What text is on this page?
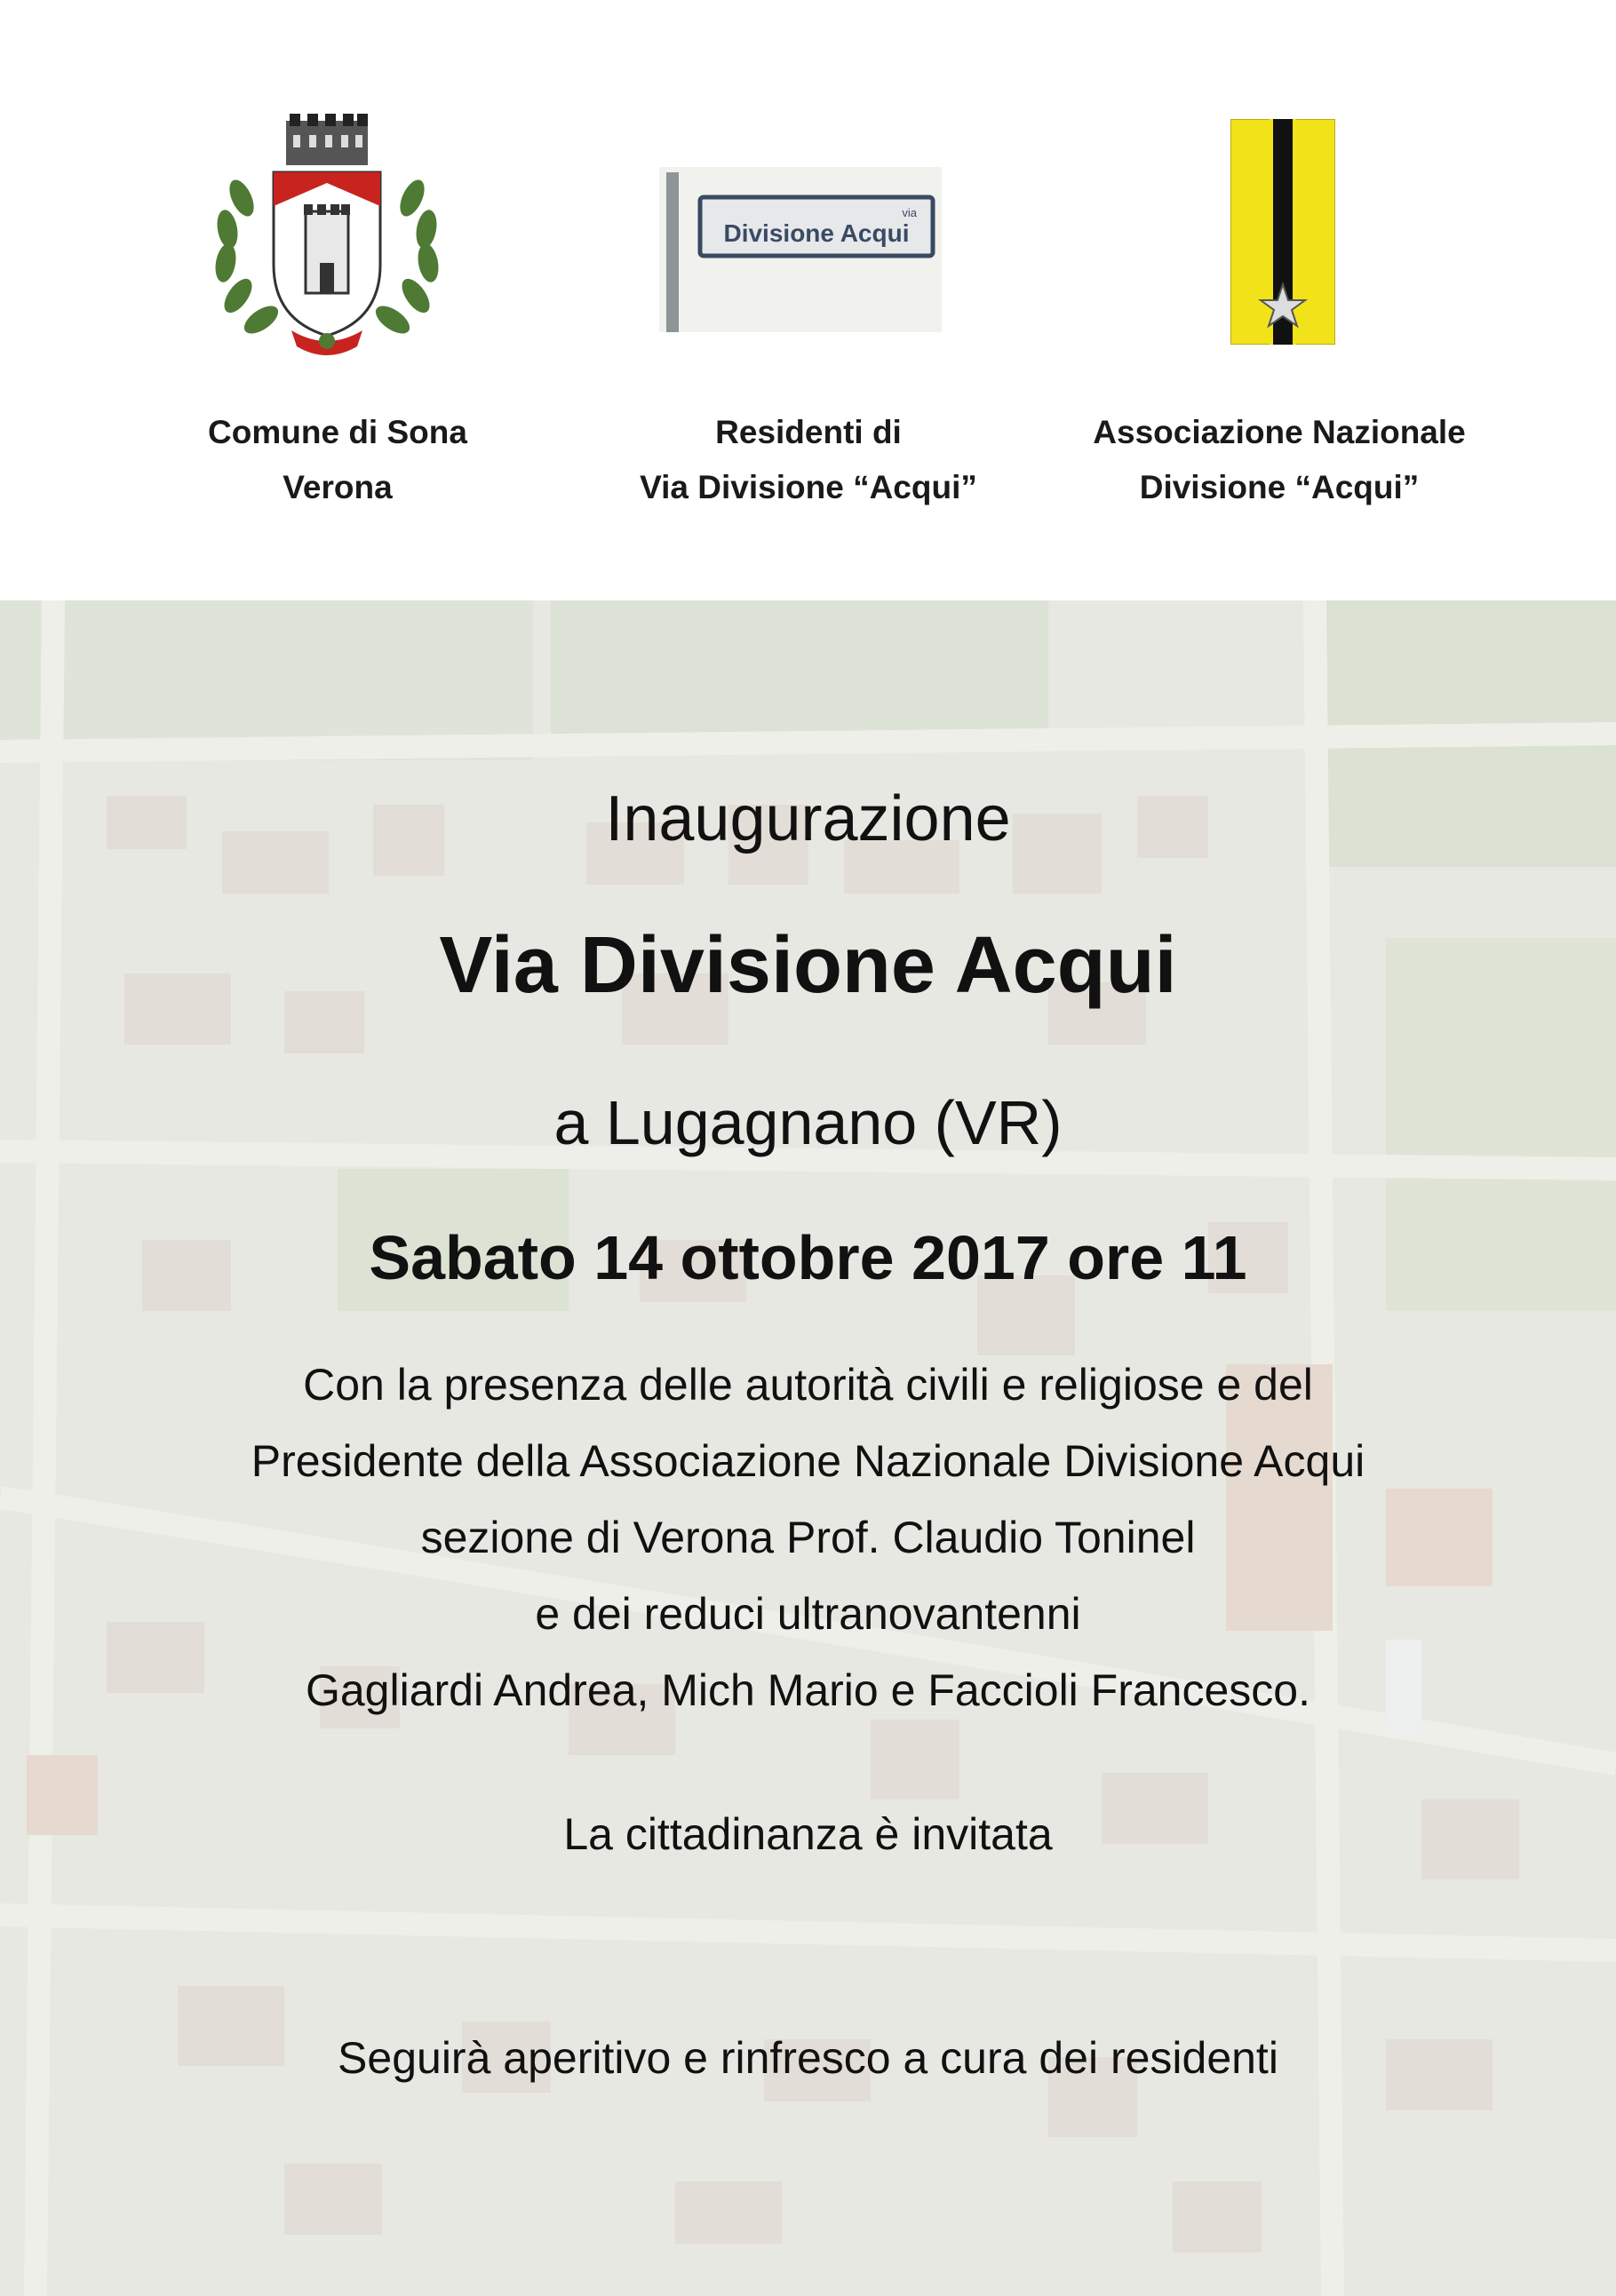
via
Divisione Acqui
Comune di Sona
Verona
Residenti di
Via Divisione “Acqui”
Associazione Nazionale
Divisione “Acqui”
Inaugurazione
Via Divisione Acqui
a Lugagnano (VR)
Sabato 14 ottobre 2017 ore 11
Con la presenza delle autorità civili e religiose e del
Presidente della Associazione Nazionale Divisione Acqui
sezione di Verona Prof. Claudio Toninel
e dei reduci ultranovantenni
Gagliardi Andrea, Mich Mario e Faccioli Francesco.
La cittadinanza è invitata
Seguirà aperitivo e rinfresco a cura dei residenti
